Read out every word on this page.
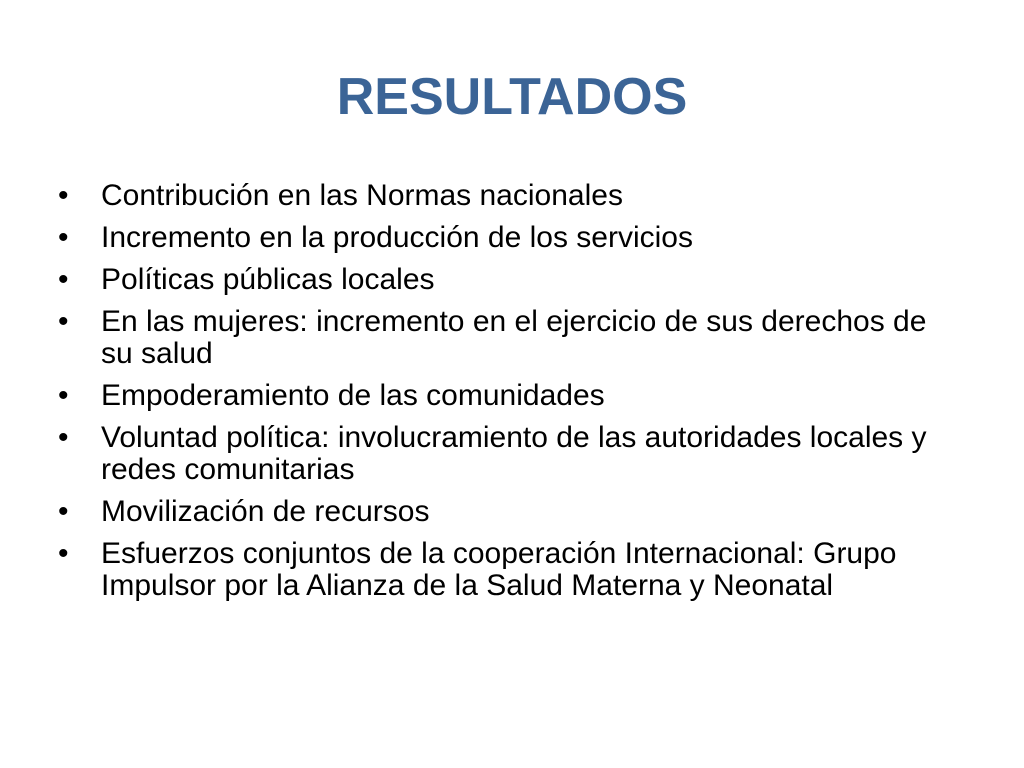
RESULTADOS
•	Contribución en las Normas nacionales
•	Incremento en la producción de los servicios
•	Políticas públicas locales
•	En las mujeres: incremento en el ejercicio de sus derechos de su salud
•	Empoderamiento de las comunidades
•	Voluntad política: involucramiento de las autoridades locales y redes comunitarias
•	Movilización de recursos
•	Esfuerzos conjuntos de la cooperación Internacional: Grupo Impulsor por la Alianza de la Salud Materna y Neonatal
